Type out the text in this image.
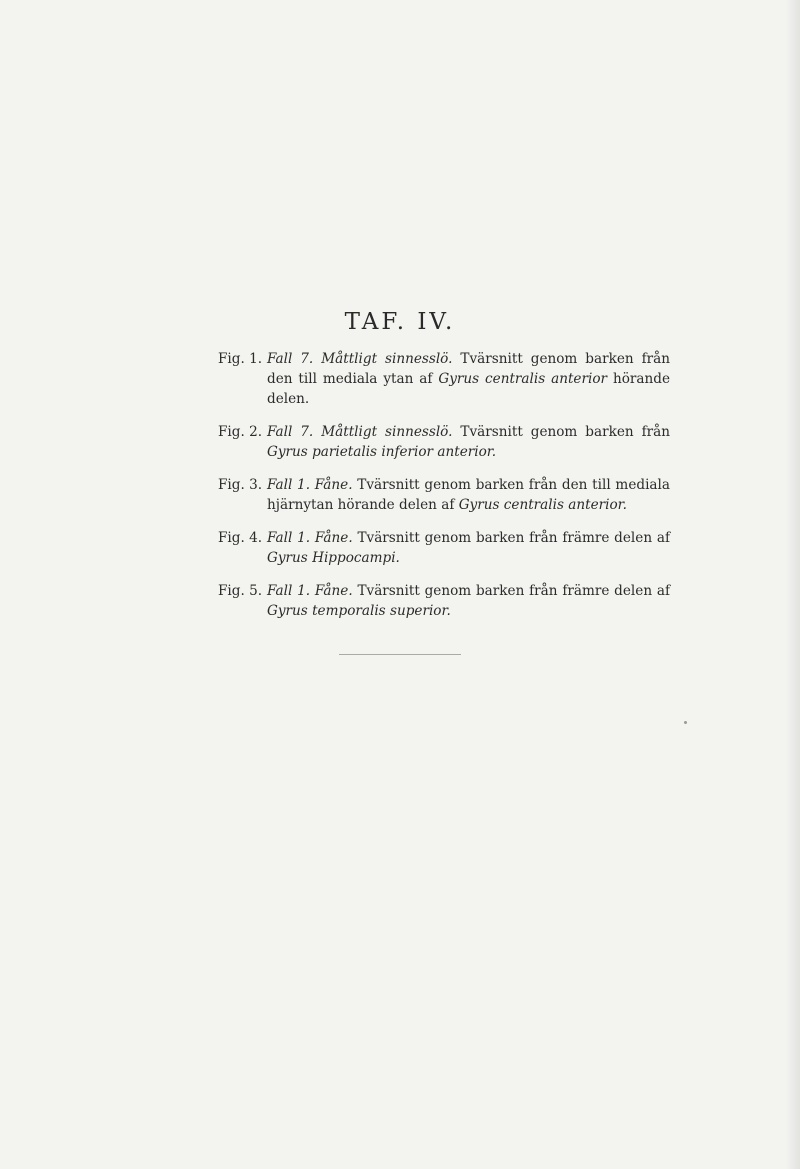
TAF. IV.
Fig. 1. Fall 7. Måttligt sinnesslö. Tvärsnitt genom barken från den till mediala ytan af Gyrus centralis anterior hörande delen.
Fig. 2. Fall 7. Måttligt sinnesslö. Tvärsnitt genom barken från Gyrus parietalis inferior anterior.
Fig. 3. Fall 1. Fåne. Tvärsnitt genom barken från den till mediala hjärnytan hörande delen af Gyrus centralis anterior.
Fig. 4. Fall 1. Fåne. Tvärsnitt genom barken från främre delen af Gyrus Hippocampi.
Fig. 5. Fall 1. Fåne. Tvärsnitt genom barken från främre delen af Gyrus temporalis superior.
